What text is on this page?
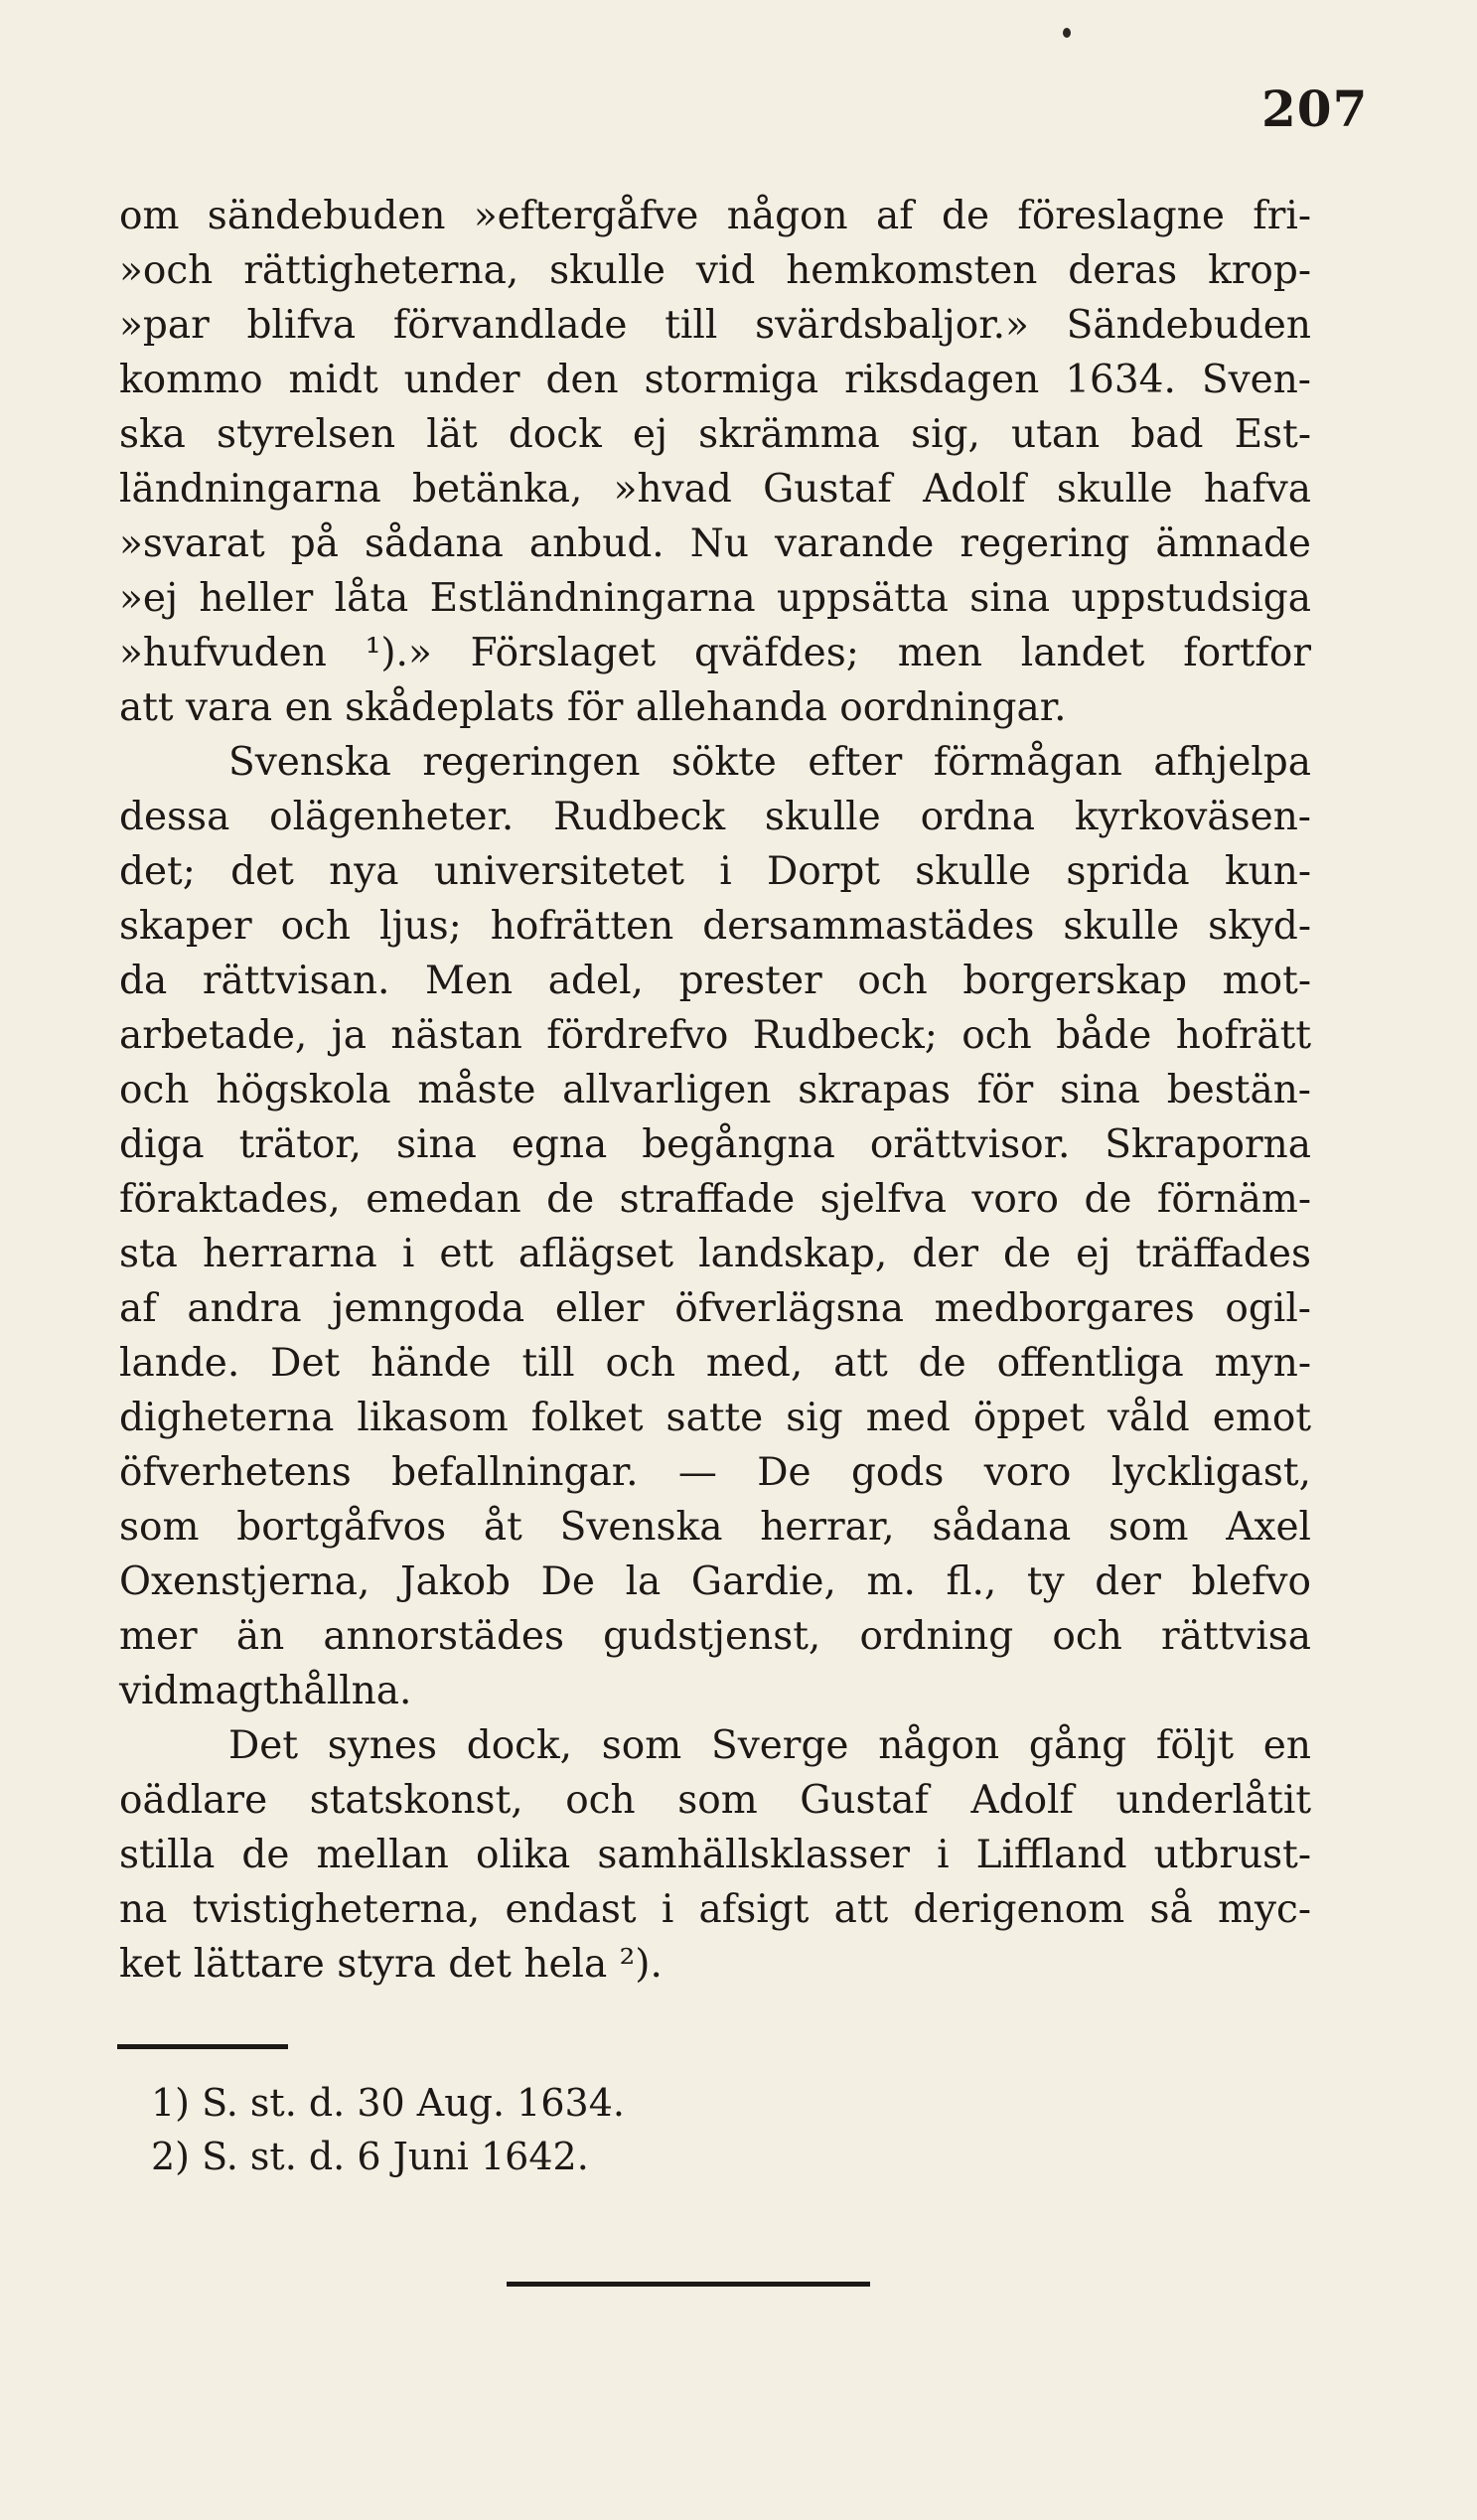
207
om sändebuden »eftergåfve någon af de föreslagne fri-
»och rättigheterna, skulle vid hemkomsten deras krop-
»par blifva förvandlade till svärdsbaljor.» Sändebuden
kommo midt under den stormiga riksdagen 1634. Sven-
ska styrelsen lät dock ej skrämma sig, utan bad Est-
ländningarna betänka, »hvad Gustaf Adolf skulle hafva
»svarat på sådana anbud. Nu varande regering ämnade
»ej heller låta Estländningarna uppsätta sina uppstudsiga
»hufvuden ¹).» Förslaget qväfdes; men landet fortfor
att vara en skådeplats för allehanda oordningar.
Svenska regeringen sökte efter förmågan afhjelpa
dessa olägenheter. Rudbeck skulle ordna kyrkoväsen-
det; det nya universitetet i Dorpt skulle sprida kun-
skaper och ljus; hofrätten dersammastädes skulle skyd-
da rättvisan. Men adel, prester och borgerskap mot-
arbetade, ja nästan fördrefvo Rudbeck; och både hofrätt
och högskola måste allvarligen skrapas för sina bestän-
diga trätor, sina egna begångna orättvisor. Skraporna
föraktades, emedan de straffade sjelfva voro de förnäm-
sta herrarna i ett aflägset landskap, der de ej träffades
af andra jemngoda eller öfverlägsna medborgares ogil-
lande. Det hände till och med, att de offentliga myn-
digheterna likasom folket satte sig med öppet våld emot
öfverhetens befallningar. — De gods voro lyckligast,
som bortgåfvos åt Svenska herrar, sådana som Axel
Oxenstjerna, Jakob De la Gardie, m. fl., ty der blefvo
mer än annorstädes gudstjenst, ordning och rättvisa
vidmagthållna.
Det synes dock, som Sverge någon gång följt en
oädlare statskonst, och som Gustaf Adolf underlåtit
stilla de mellan olika samhällsklasser i Liffland utbrust-
na tvistigheterna, endast i afsigt att derigenom så myc-
ket lättare styra det hela ²).
1) S. st. d. 30 Aug. 1634.
2) S. st. d. 6 Juni 1642.
